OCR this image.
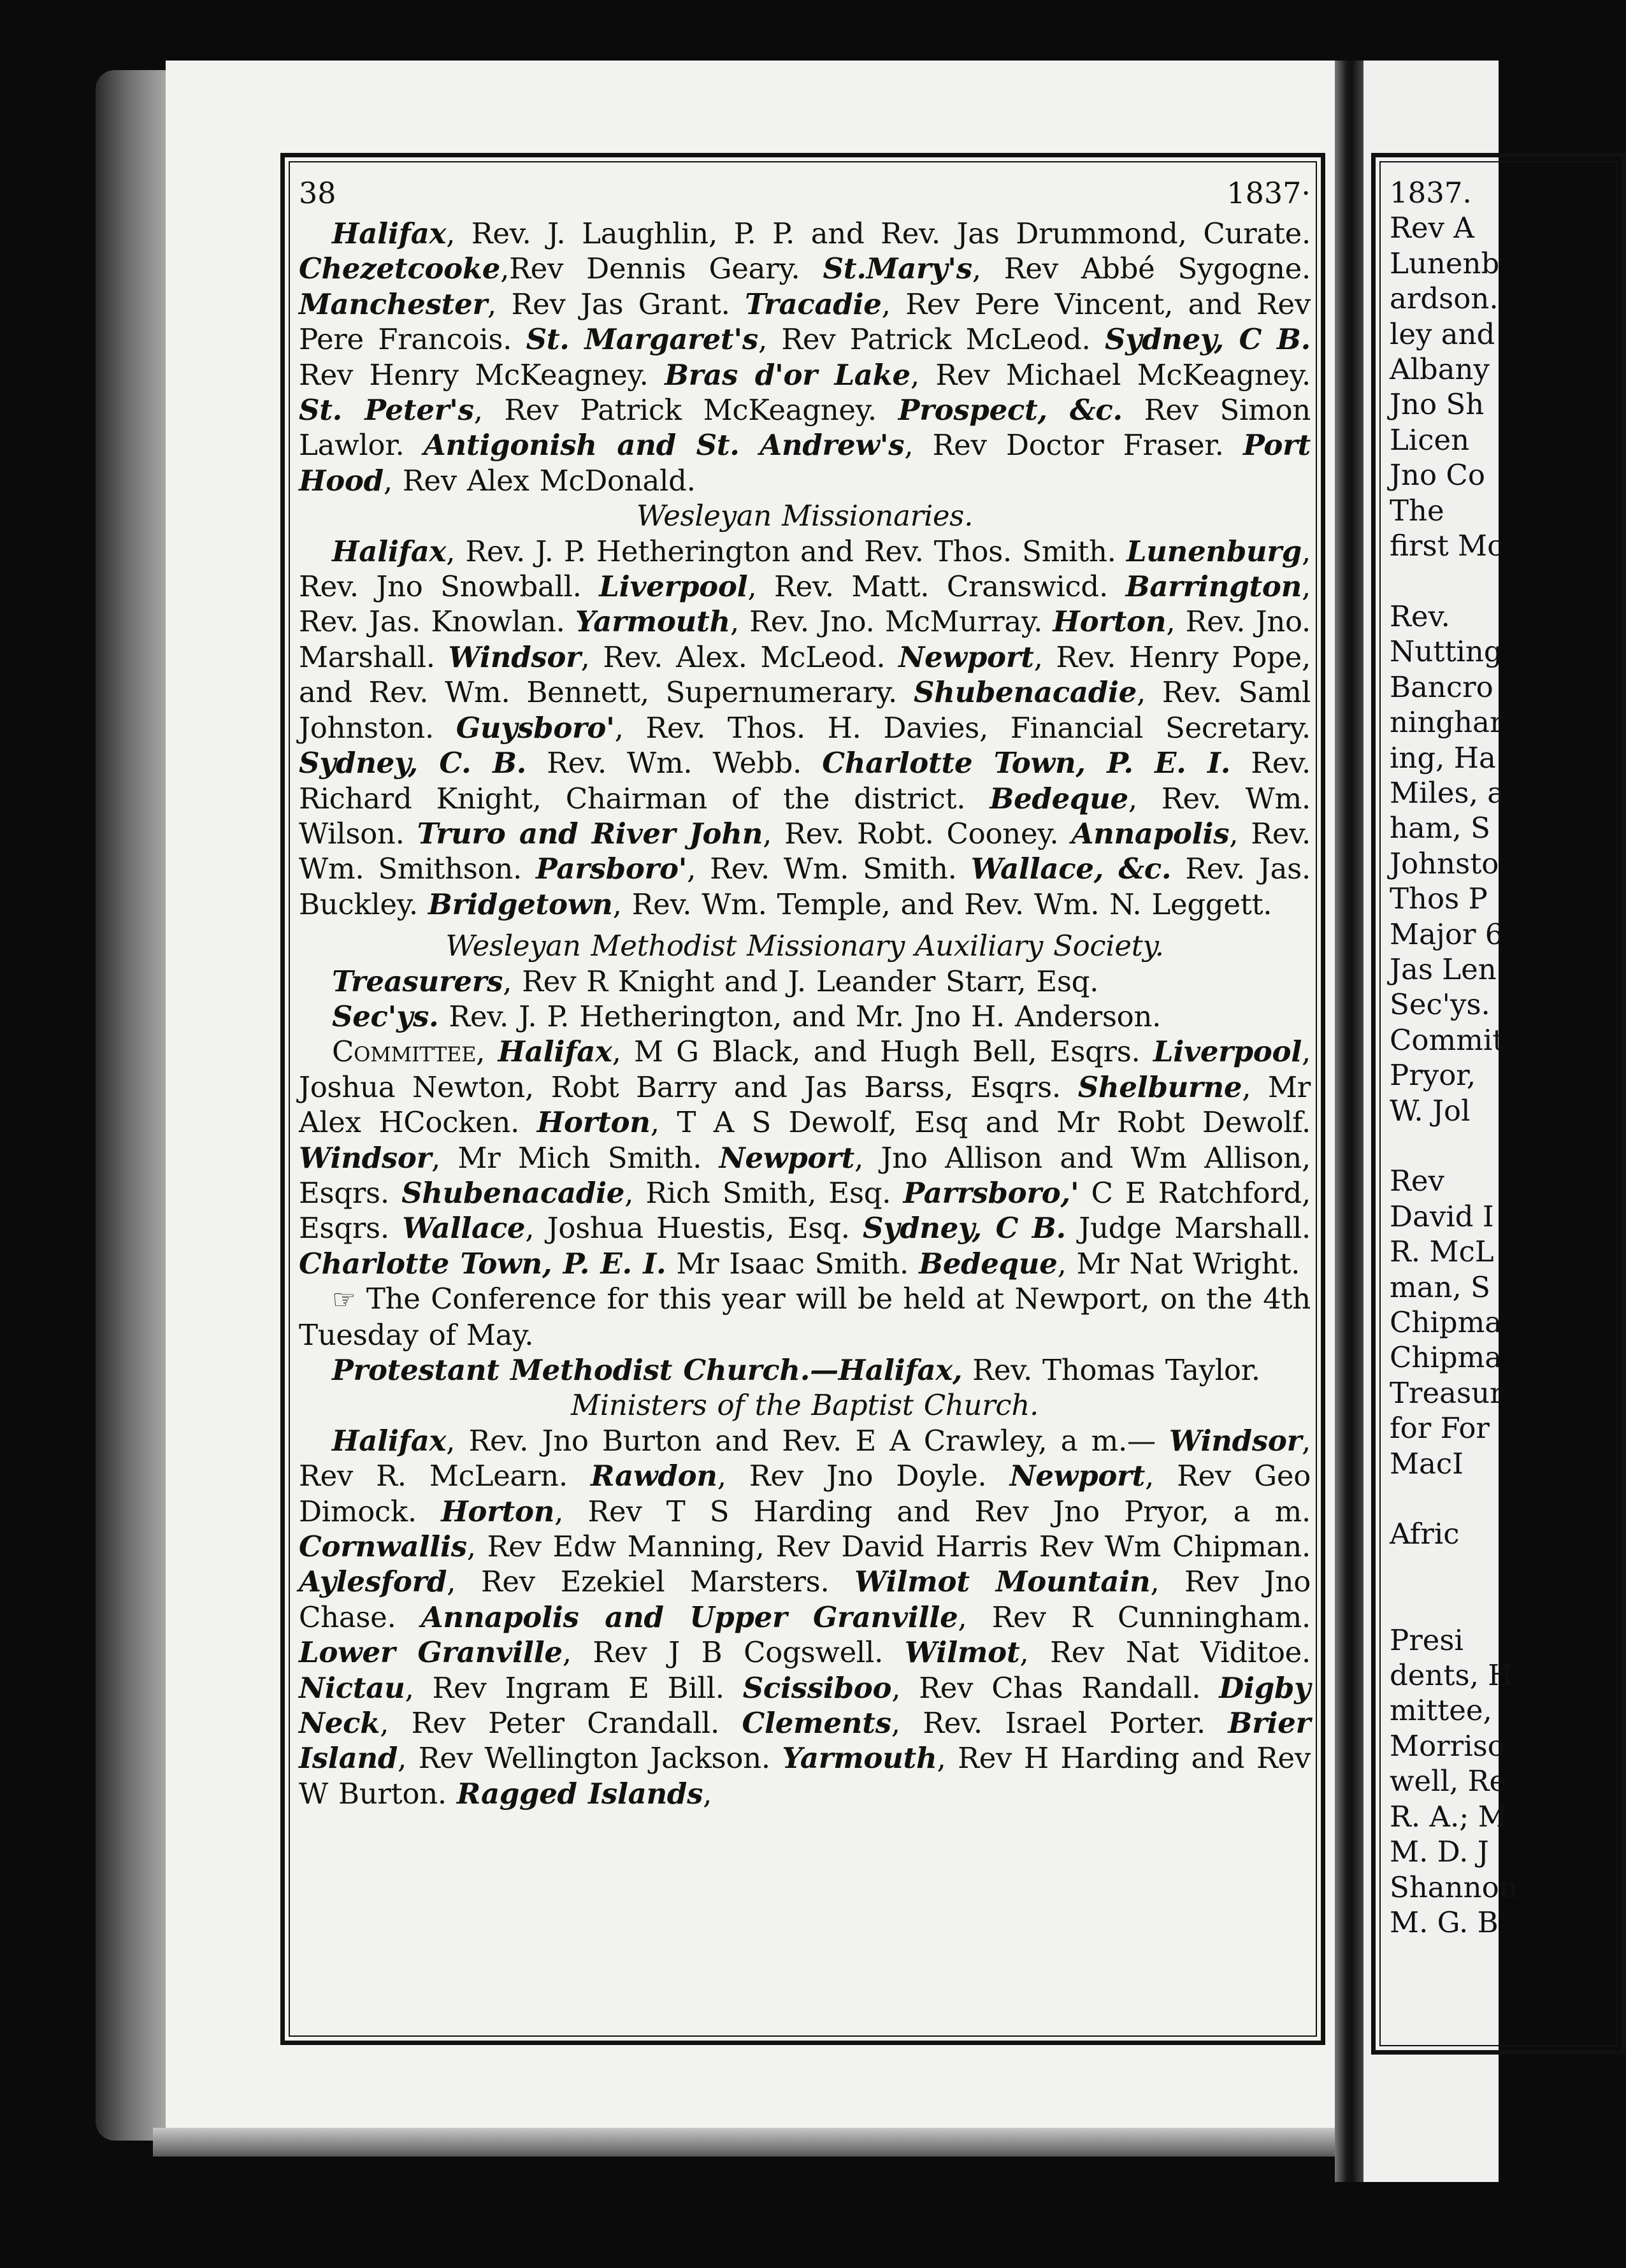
1837.
Rev A
Lunenb
ardson.
ley and
Albany
Jno Sh
Licen
Jno Co
The
first Mc

Rev.
Nutting
Bancro
ninghar
ing, Ha
Miles, a
ham, S
Johnsto
Thos P
Major 6
Jas Len
Sec'ys.
Commit
Pryor,
W. Jol

Rev
David I
R. McL
man, S
Chipma
Chipma
Treasur
for For
MacI

Afric

Presi
dents, H
mittee,
Morriso
well, Re
R. A.; M
M. D. J
Shannon
M. G. B
38	1837·

Halifax, Rev. J. Laughlin, P. P. and Rev. Jas Drummond, Curate. Chezetcooke,Rev Dennis Geary. St.Mary's, Rev Abbé Sygogne. Manchester, Rev Jas Grant. Tracadie, Rev Pere Vincent, and Rev Pere Francois. St. Margaret's, Rev Patrick McLeod. Sydney, C B. Rev Henry McKeagney. Bras d'or Lake, Rev Michael McKeagney. St. Peter's, Rev Patrick McKeagney. Prospect, &c. Rev Simon Lawlor. Antigonish and St. Andrew's, Rev Doctor Fraser. Port Hood, Rev Alex McDonald.

Wesleyan Missionaries.

Halifax, Rev. J. P. Hetherington and Rev. Thos. Smith. Lunenburg, Rev. Jno Snowball. Liverpool, Rev. Matt. Cranswicd. Barrington, Rev. Jas. Knowlan. Yarmouth, Rev. Jno. McMurray. Horton, Rev. Jno. Marshall. Windsor, Rev. Alex. McLeod. Newport, Rev. Henry Pope, and Rev. Wm. Bennett, Supernumerary. Shubenacadie, Rev. Saml Johnston. Guysboro', Rev. Thos. H. Davies, Financial Secretary. Sydney, C. B. Rev. Wm. Webb. Charlotte Town, P. E. I. Rev. Richard Knight, Chairman of the district. Bedeque, Rev. Wm. Wilson. Truro and River John, Rev. Robt. Cooney. Annapolis, Rev. Wm. Smithson. Parsboro', Rev. Wm. Smith. Wallace, &c. Rev. Jas. Buckley. Bridgetown, Rev. Wm. Temple, and Rev. Wm. N. Leggett.

Wesleyan Methodist Missionary Auxiliary Society.

Treasurers, Rev R Knight and J. Leander Starr, Esq.

Sec'ys. Rev. J. P. Hetherington, and Mr. Jno H. Anderson.

Committee, Halifax, M G Black, and Hugh Bell, Esqrs. Liverpool, Joshua Newton, Robt Barry and Jas Barss, Esqrs. Shelburne, Mr Alex HCocken. Horton, T A S Dewolf, Esq and Mr Robt Dewolf. Windsor, Mr Mich Smith. Newport, Jno Allison and Wm Allison, Esqrs. Shubenacadie, Rich Smith, Esq. Parrsboro,' C E Ratchford, Esqrs. Wallace, Joshua Huestis, Esq. Sydney, C B. Judge Marshall. Charlotte Town, P. E. I. Mr Isaac Smith. Bedeque, Mr Nat Wright.

☞ The Conference for this year will be held at Newport, on the 4th Tuesday of May.

Protestant Methodist Church.—Halifax, Rev. Thomas Taylor.

Ministers of the Baptist Church.

Halifax, Rev. Jno Burton and Rev. E A Crawley, a m.— Windsor, Rev R. McLearn. Rawdon, Rev Jno Doyle. Newport, Rev Geo Dimock. Horton, Rev T S Harding and Rev Jno Pryor, a m. Cornwallis, Rev Edw Manning, Rev David Harris Rev Wm Chipman. Aylesford, Rev Ezekiel Marsters. Wilmot Mountain, Rev Jno Chase. Annapolis and Upper Granville, Rev R Cunningham. Lower Granville, Rev J B Cogswell. Wilmot, Rev Nat Viditoe. Nictau, Rev Ingram E Bill. Scissiboo, Rev Chas Randall. Digby Neck, Rev Peter Crandall. Clements, Rev. Israel Porter. Brier Island, Rev Wellington Jackson. Yarmouth, Rev H Harding and Rev W Burton. Ragged Islands,
